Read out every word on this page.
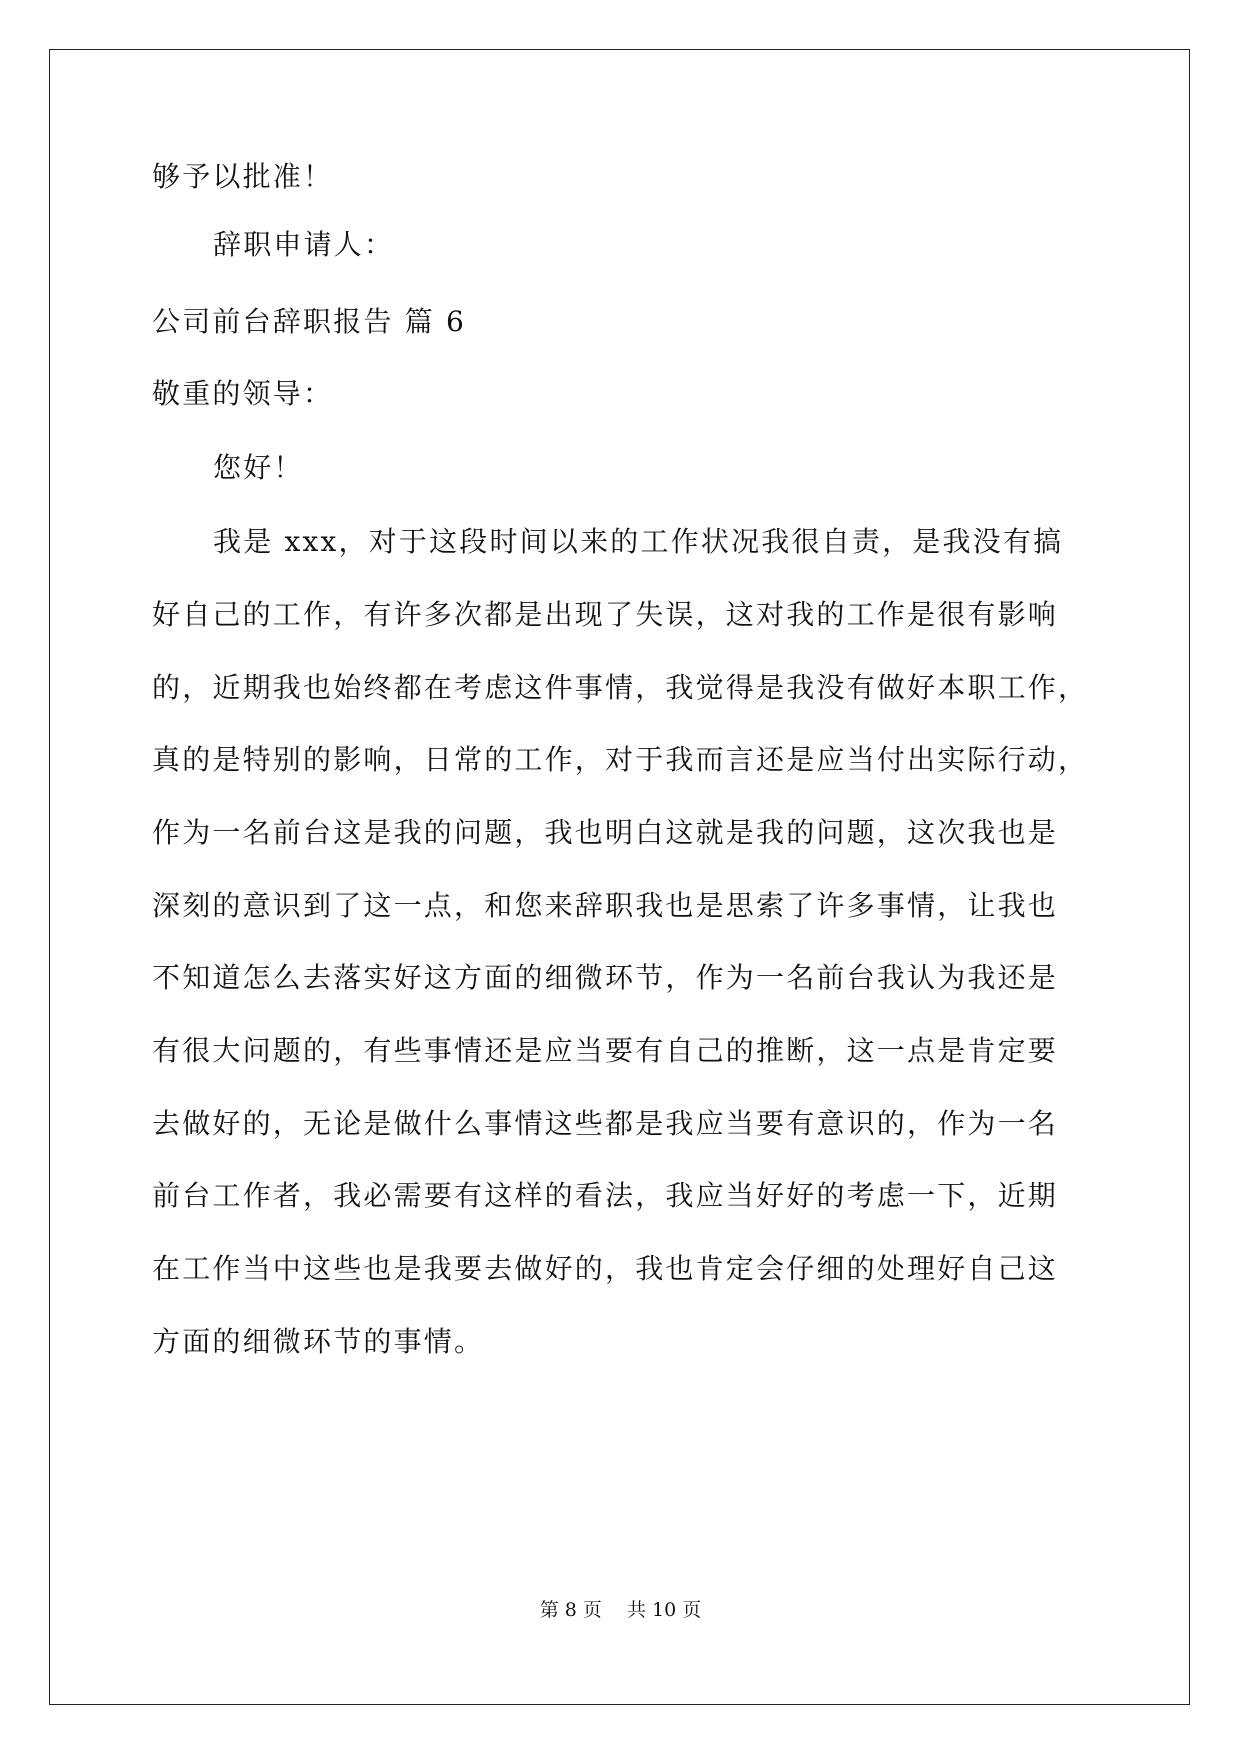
够予以批准！
辞职申请人：
公司前台辞职报告 篇 6
敬重的领导：
您好！
我是 xxx，对于这段时间以来的工作状况我很自责，是我没有搞
好自己的工作，有许多次都是出现了失误，这对我的工作是很有影响
的，近期我也始终都在考虑这件事情，我觉得是我没有做好本职工作，
真的是特别的影响，日常的工作，对于我而言还是应当付出实际行动，
作为一名前台这是我的问题，我也明白这就是我的问题，这次我也是
深刻的意识到了这一点，和您来辞职我也是思索了许多事情，让我也
不知道怎么去落实好这方面的细微环节，作为一名前台我认为我还是
有很大问题的，有些事情还是应当要有自己的推断，这一点是肯定要
去做好的，无论是做什么事情这些都是我应当要有意识的，作为一名
前台工作者，我必需要有这样的看法，我应当好好的考虑一下，近期
在工作当中这些也是我要去做好的，我也肯定会仔细的处理好自己这
方面的细微环节的事情。
第 8 页　 共 10 页
